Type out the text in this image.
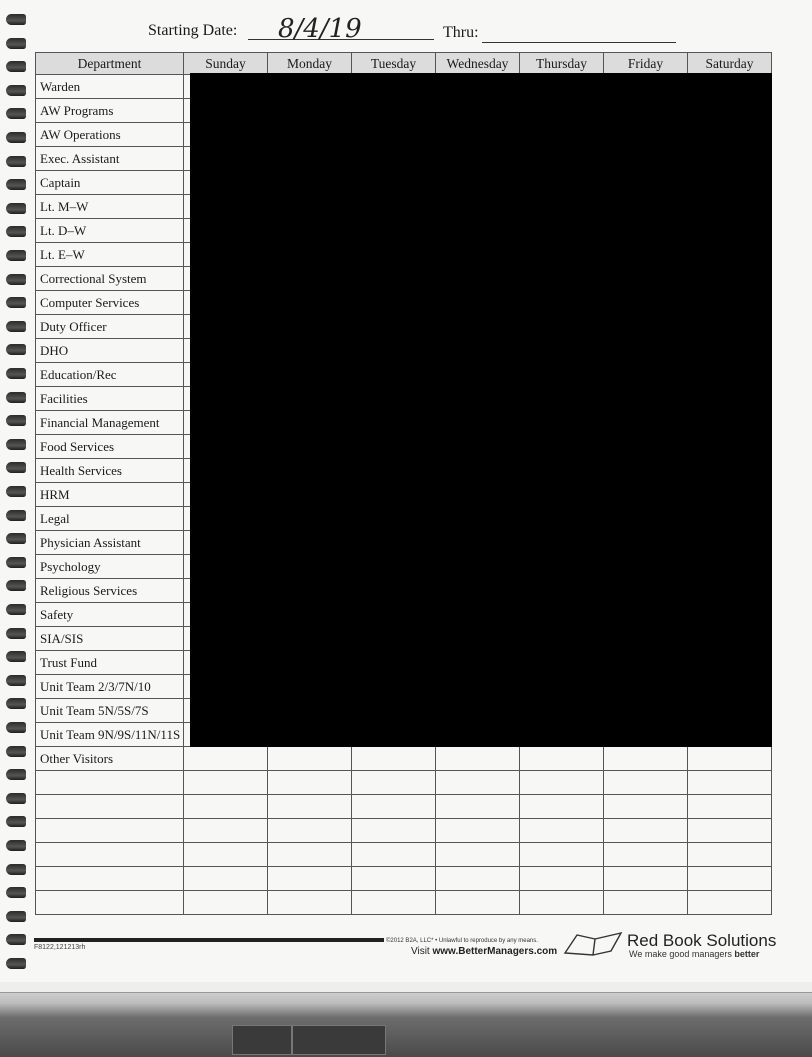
Starting Date: 8/4/19	Thru:
Department	Sunday	Monday	Tuesday	Wednesday	Thursday	Friday	Saturday
Warden							
AW Programs							
AW Operations							
Exec. Assistant							
Captain							
Lt. M–W							
Lt. D–W							
Lt. E–W							
Correctional System							
Computer Services							
Duty Officer							
DHO							
Education/Rec							
Facilities							
Financial Management							
Food Services							
Health Services							
HRM							
Legal							
Physician Assistant							
Psychology							
Religious Services							
Safety							
SIA/SIS							
Trust Fund							
Unit Team 2/3/7N/10							
Unit Team 5N/5S/7S							
Unit Team 9N/9S/11N/11S							
Other Visitors							

F8122,121213rh
©2012 B2A, LLC* • Unlawful to reproduce by any means.
Visit www.BetterManagers.com
Red Book Solutions
We make good managers better
